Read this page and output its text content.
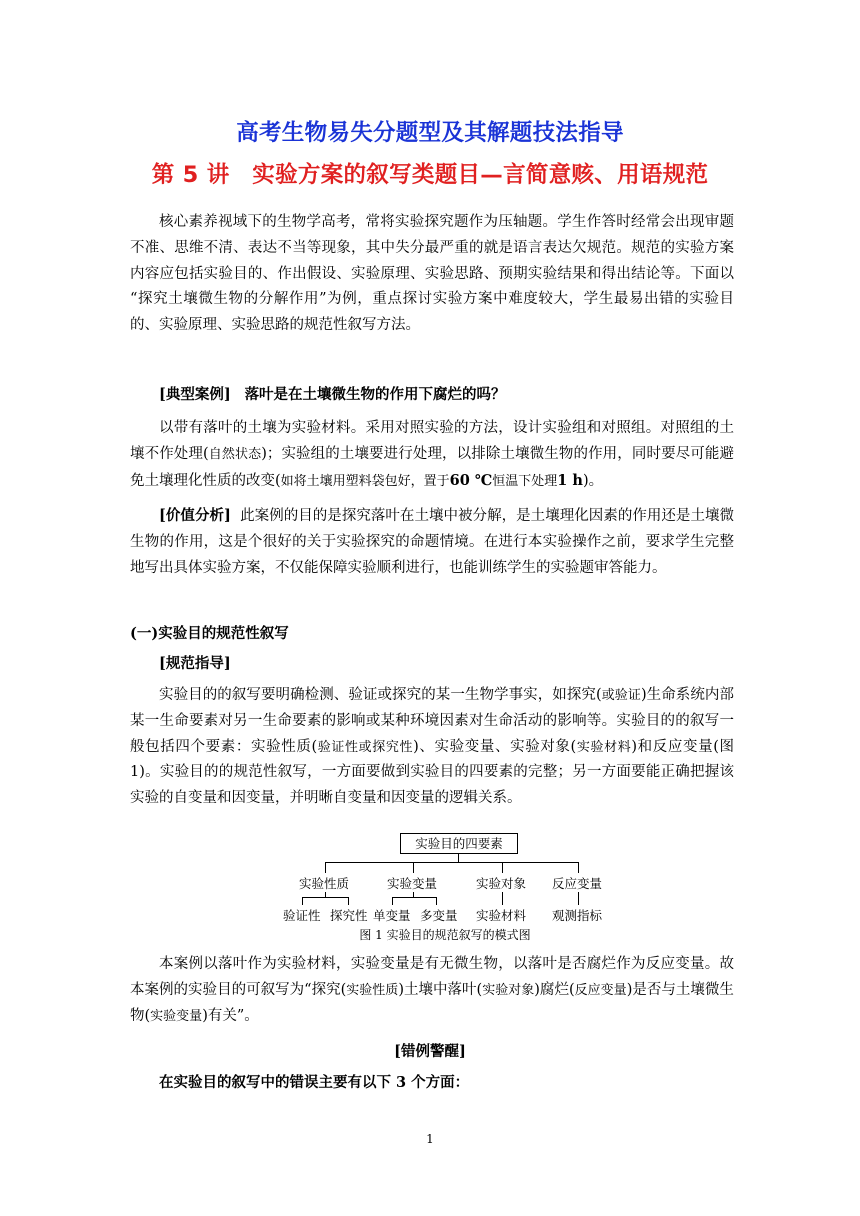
高考生物易失分题型及其解题技法指导
第 5 讲　实验方案的叙写类题目—言简意赅、用语规范
核心素养视域下的生物学高考，常将实验探究题作为压轴题。学生作答时经常会出现审题不准、思维不清、表达不当等现象，其中失分最严重的就是语言表达欠规范。规范的实验方案内容应包括实验目的、作出假设、实验原理、实验思路、预期实验结果和得出结论等。下面以 “探究土壤微生物的分解作用”为例，重点探讨实验方案中难度较大，学生最易出错的实验目的、实验原理、实验思路的规范性叙写方法。
[典型案例] 落叶是在土壤微生物的作用下腐烂的吗？
以带有落叶的土壤为实验材料。采用对照实验的方法，设计实验组和对照组。对照组的土壤不作处理(自然状态)；实验组的土壤要进行处理，以排除土壤微生物的作用，同时要尽可能避免土壤理化性质的改变(如将土壤用塑料袋包好，置于60 ℃恒温下处理1 h)。
[价值分析] 此案例的目的是探究落叶在土壤中被分解，是土壤理化因素的作用还是土壤微生物的作用，这是个很好的关于实验探究的命题情境。在进行本实验操作之前，要求学生完整地写出具体实验方案，不仅能保障实验顺利进行，也能训练学生的实验题审答能力。
(一)实验目的规范性叙写
[规范指导]
实验目的的叙写要明确检测、验证或探究的某一生物学事实，如探究(或验证)生命系统内部某一生命要素对另一生命要素的影响或某种环境因素对生命活动的影响等。实验目的的叙写一般包括四个要素：实验性质(验证性或探究性)、实验变量、实验对象(实验材料)和反应变量(图 1)。实验目的的规范性叙写，一方面要做到实验目的四要素的完整；另一方面要能正确把握该实验的自变量和因变量，并明晰自变量和因变量的逻辑关系。
实验目的四要素
实验性质	实验变量	实验对象 反应变量
验证性 探究性 单变量 多变量 实验材料 观测指标
图 1 实验目的规范叙写的模式图
本案例以落叶作为实验材料，实验变量是有无微生物，以落叶是否腐烂作为反应变量。故本案例的实验目的可叙写为“探究(实验性质)土壤中落叶(实验对象)腐烂(反应变量)是否与土壤微生物(实验变量)有关”。
[错例警醒]
在实验目的叙写中的错误主要有以下 3 个方面：
1
